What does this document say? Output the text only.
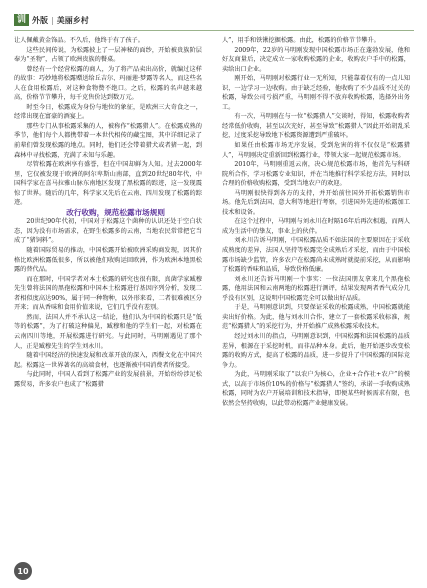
训 外版 | 美丽乡村

让人佩戴黄金饰品。不久后，他终于有了孩子。

这些民间传说，为松露披上了一层神秘的面纱，开始被贵族阶层奉为“圣物”，占领了欧洲贵族的餐桌。

曾经有一个经营松露的商人，为了将产品卖出高价，就编过这样的故事：巧妙地将松露赠送给丘吉尔、玛丽莲·梦露等名人，而这些名人在食用松露后，对这种食物赞不绝口。之后，松露的名声越来越高，价格节节攀升，每千克售价达到数万元。

时至今日，松露成为身份与地位的象征，是欧洲三大奇食之一，经常出现在富豪的酒宴上。

那些专门从事松露采集的人，被称作“松露猎人”。在松露成熟的季节，他们每个人都携带着一本世代相传的藏宝图，其中详细记录了前辈们曾发现松露的地点。同时，他们还会带着猎犬或者猪一起，到森林中寻找松露，充满了未知与乐趣。

尽管松露在欧洲享有盛誉，但在中国却鲜为人知。过去2000年里，它仅被发现于欧洲的阿尔卑斯山南部，直到20世纪80年代，中国科学家在喜马拉雅山脉东南地区发现了黑松露的踪迹，这一发现震惊了世界。随后的几年，科学家又先后在云南、四川发现了松露的踪迹。

改行收购，规范松露市场规则

20世纪90年代初，中国对于松露这个菌种的认识还处于空白状态，因为没有市场需求，在野生松露多的云南，当地农民常常把它当成了“猪饲料”。

随着国际贸易的推动，中国松露开始被欧洲采购商发现，因其价格比欧洲松露低很多，所以被他们收购运回欧洲，作为欧洲本地黑松露的替代品。

而在那时，中国学者对本土松露的研究也很有限，真菌学家臧穆先生曾将法国的黑孢松露和中国本土松露进行基因序列分析，发现二者相似度高达90%，属于同一种物种，以外形来看，二者很难被区分开来；而从香味和食用价值来说，它们几乎没有差别。

然而，法国人并不承认这一结论，他们认为中国的松露只是“低等的松露”，为了打破这种偏见，臧穆和他的学生们一起，对松露在云南四川等地，开展松露进行研究。与此同时，马明刚遇见了那个人，正是臧穆先生的学生刘永川。

随着中国经济的快速发展和改革开放的深入，西餐文化在中国兴起。松露这一世界著名的高端食材，也逐渐被中国消费者所接受。

与此同时，中国人看到了松露产业的发展前景，开始纷纷涉足松露贸易，许多农户也成了“松露猎

人”，用手和铁锹挖掘松露。由此，松露的价格节节攀升。

2009年，22岁的马明刚发现中国松露市场正在蓬勃发展，他和好友商量后，决定成立一家收购松露的企业，收购农户手中的松露，卖给出口企业。

刚开始，马明刚对松露行业一无所知，只能靠着仅有的一点儿知识，一边学习一边收购。由于缺乏经验，他收购了不少品质不过关的松露，导致公司亏损严重，马明刚不得不放弃收购松露，选择外出务工。

有一次，马明刚在与一位“松露猎人”交谈时，得知，松露收购者经常低价收购，甚至以次充好，甚至导致“松露猎人”因此开始胡乱采挖，过度采挖导致地下松露资源遭到严重破坏。

如果任由松露市场无序发展，受到危害的将不仅仅是“松露猎人”，马明刚决定重新回到松露行业，带领大家一起规范松露市场。

2010年，马明刚重返云南，决心规范松露市场，他首先与科研院所合作，学习松露专业知识，并在当地推行科学采挖方法，同时以合理的价格收购松露，受到当地农户的欢迎。

马明刚很快得到各方的支持，并开始前往国外开拓松露销售市场。他先后到法国、意大利等地进行考察，引进国外先进的松露加工技术和设备。

在这个过程中，马明刚与刘永川在时隔16年后再次相遇，而两人成为生活中的挚友，事业上的伙伴。

刘永川告诉马明刚，中国松露品质不如法国的主要原因在于采收成熟度的差异，法国人坚持等松露完全成熟后才采挖，而由于中国松露市场缺少监管，许多农户在松露尚未成熟时就提前采挖，从而影响了松露的香味和品质，导致价格低廉。

刘永川还告诉马明刚一个事实：一位法国朋友拿来几个黑孢松露，他用法国和云南两地的松露进行测评，结果发现两者香气成分几乎没有区别，这说明中国松露完全可以做出好品质。

于是，马明刚意识到，只要保证采收的松露成熟，中国松露就能卖出好价格。为此，他与刘永川合作，建立了一套松露采收标准，规范“松露猎人”的采挖行为，并开始推广成熟松露采收技术。

经过刘永川的指点，马明刚意识到，中国松露和法国松露的品质差异，根源在于采挖时机，而非品种本身。此后，他开始逐步改变松露的收购方式，提高了松露的品质，进一步提升了中国松露的国际竞争力。

为此，马明刚采取了“以农户为核心，企业+合作社+农户”的模式，以高于市场价10%的价格与“松露猎人”签约，承诺一手收购成熟松露，同时为农户开展培训和技术指导，即便某些时候需求有限，也依然会坚持收购，以此带动松露产业健康发展。

10
